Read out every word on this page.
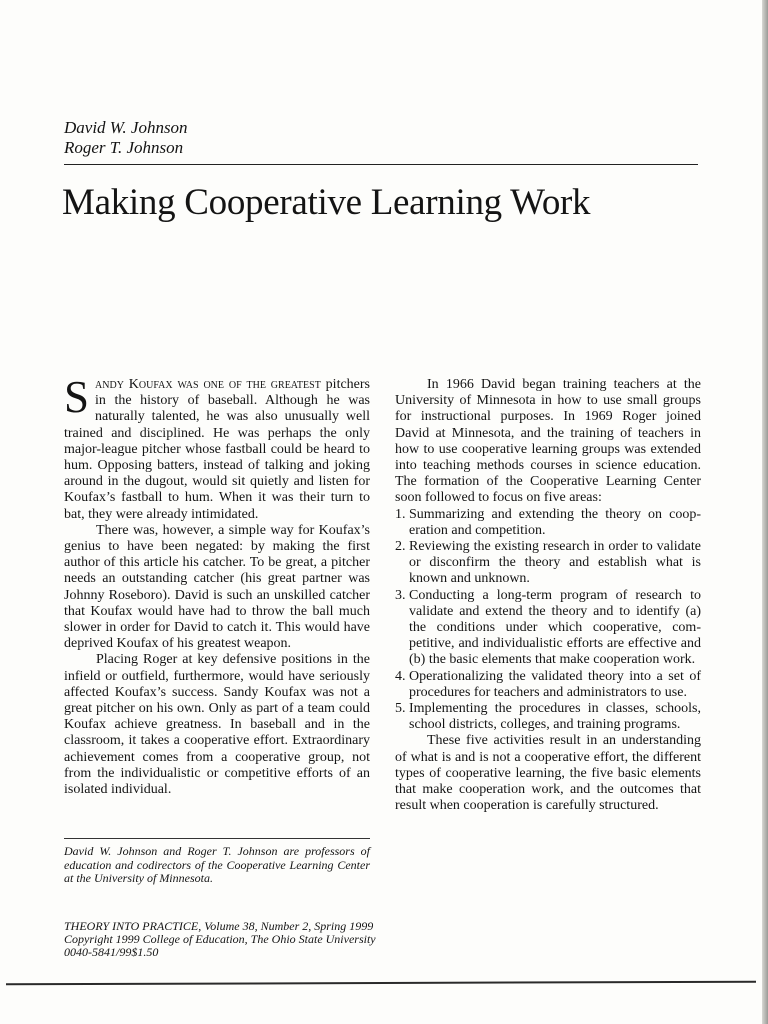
David W. Johnson
Roger T. Johnson
Making Cooperative Learning Work

Sandy Koufax was one of the greatest pitchers in the history of baseball. Although he was naturally talented, he was also unusually well trained and disciplined. He was perhaps the only major-league pitcher whose fastball could be heard to hum. Opposing batters, instead of talking and joking around in the dugout, would sit quietly and listen for Koufax’s fastball to hum. When it was their turn to bat, they were already intimidated.

There was, however, a simple way for Koufax’s genius to have been negated: by making the first author of this article his catcher. To be great, a pitcher needs an outstanding catcher (his great partner was Johnny Roseboro). David is such an unskilled catcher that Koufax would have had to throw the ball much slower in order for David to catch it. This would have deprived Koufax of his greatest weapon.

Placing Roger at key defensive positions in the infield or outfield, furthermore, would have seriously affected Koufax’s success. Sandy Koufax was not a great pitcher on his own. Only as part of a team could Koufax achieve greatness. In baseball and in the classroom, it takes a cooperative effort. Extraordinary achievement comes from a cooperative group, not from the individualistic or competitive efforts of an isolated individual.

David W. Johnson and Roger T. Johnson are professors of education and codirectors of the Cooperative Learning Center at the University of Minnesota.

In 1966 David began training teachers at the University of Minnesota in how to use small groups for instructional purposes. In 1969 Roger joined David at Minnesota, and the training of teachers in how to use cooperative learning groups was extended into teaching methods courses in science education. The formation of the Cooperative Learning Center soon followed to focus on five areas:

1. Summarizing and extending the theory on cooperation and competition.
2. Reviewing the existing research in order to validate or disconfirm the theory and establish what is known and unknown.
3. Conducting a long-term program of research to validate and extend the theory and to identify (a) the conditions under which cooperative, competitive, and individualistic efforts are effective and (b) the basic elements that make cooperation work.
4. Operationalizing the validated theory into a set of procedures for teachers and administrators to use.
5. Implementing the procedures in classes, schools, school districts, colleges, and training programs.

These five activities result in an understanding of what is and is not a cooperative effort, the different types of cooperative learning, the five basic elements that make cooperation work, and the outcomes that result when cooperation is carefully structured.

THEORY INTO PRACTICE, Volume 38, Number 2, Spring 1999
Copyright 1999 College of Education, The Ohio State University
0040-5841/99$1.50
